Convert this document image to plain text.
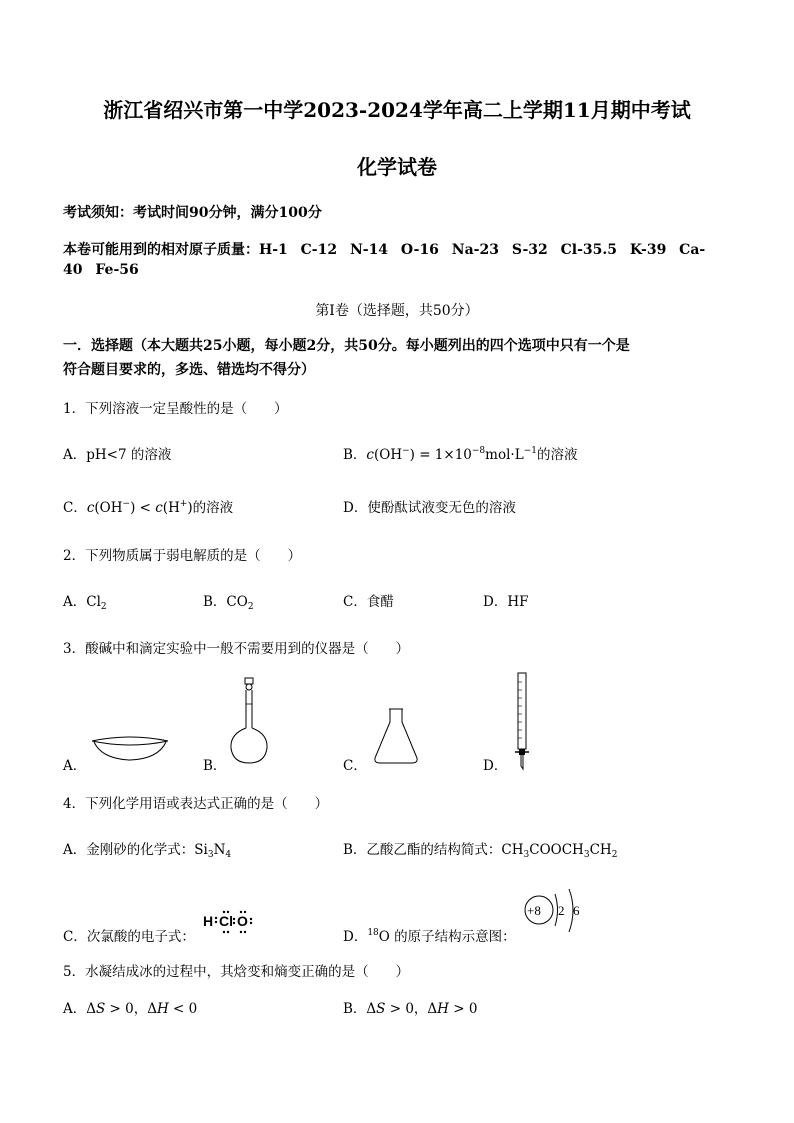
浙江省绍兴市第一中学2023-2024学年高二上学期11月期中考试
化学试卷
考试须知：考试时间90分钟，满分100分
本卷可能用到的相对原子质量：H-1 C-12 N-14 O-16 Na-23 S-32 Cl-35.5 K-39 Ca-
40 Fe-56
第Ⅰ卷（选择题，共50分）
一．选择题（本大题共25小题，每小题2分，共50分。每小题列出的四个选项中只有一个是
符合题目要求的，多选、错选均不得分）
1．下列溶液一定呈酸性的是（　　）
A．pH<7 的溶液	B．$c(OH^-) = 1\times 10^{-8}mol\cdot L^{-1}$的溶液
C．c(OH−) < c(H+)的溶液	D．使酚酞试液变无色的溶液
2．下列物质属于弱电解质的是（　　）
A．$Cl_2$	B．$CO_2$	C．食醋	D．HF
3．酸碱中和滴定实验中一般不需要用到的仪器是（　　）
A．	B．	C．	D．
4．下列化学用语或表达式正确的是（　　）
A．金刚砂的化学式：$Si_3N_4$	B．乙酸乙酯的结构简式：$CH_3COOCH_3CH_2$
C．次氯酸的电子式：
H Cl O
D．$^{18}$O 的原子结构示意图：
+8 2 6
5．水凝结成冰的过程中，其焓变和熵变正确的是（　　）
A．ΔS > 0，ΔH < 0	B．ΔS > 0，ΔH > 0
